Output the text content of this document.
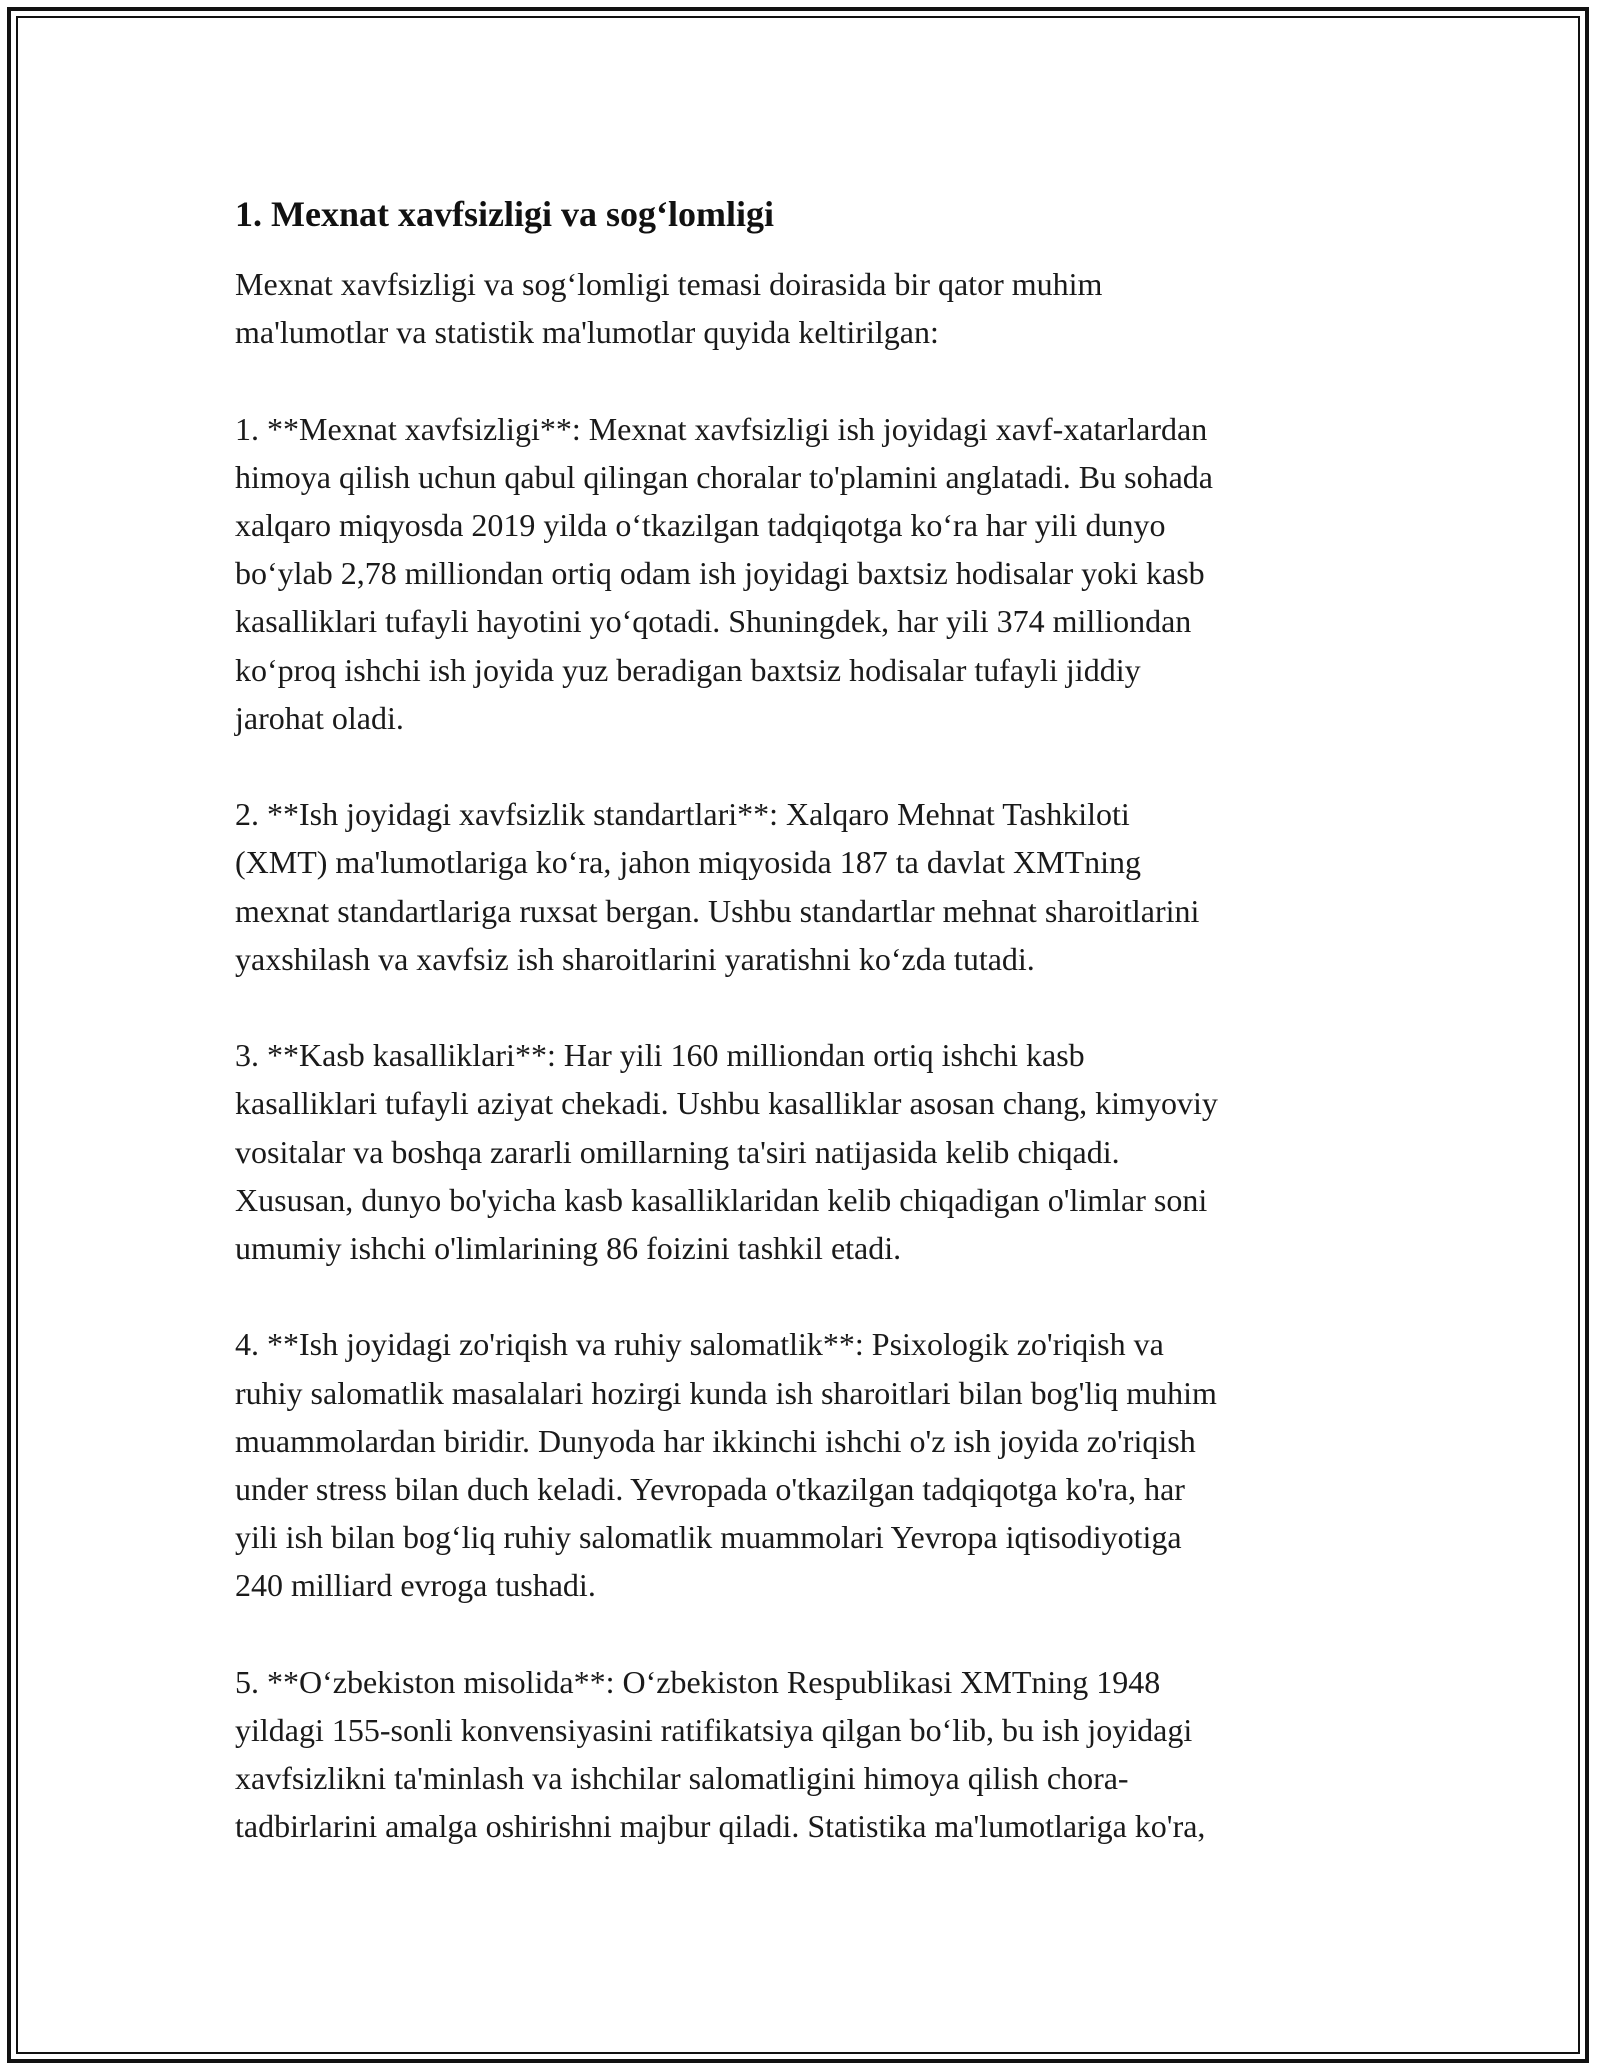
1. Mexnat xavfsizligi va sog‘lomligi

Mexnat xavfsizligi va sog‘lomligi temasi doirasida bir qator muhim
ma'lumotlar va statistik ma'lumotlar quyida keltirilgan:

1. **Mexnat xavfsizligi**: Mexnat xavfsizligi ish joyidagi xavf-xatarlardan
himoya qilish uchun qabul qilingan choralar to'plamini anglatadi. Bu sohada
xalqaro miqyosda 2019 yilda o‘tkazilgan tadqiqotga ko‘ra har yili dunyo
bo‘ylab 2,78 milliondan ortiq odam ish joyidagi baxtsiz hodisalar yoki kasb
kasalliklari tufayli hayotini yo‘qotadi. Shuningdek, har yili 374 milliondan
ko‘proq ishchi ish joyida yuz beradigan baxtsiz hodisalar tufayli jiddiy
jarohat oladi.

2. **Ish joyidagi xavfsizlik standartlari**: Xalqaro Mehnat Tashkiloti
(XMT) ma'lumotlariga ko‘ra, jahon miqyosida 187 ta davlat XMTning
mexnat standartlariga ruxsat bergan. Ushbu standartlar mehnat sharoitlarini
yaxshilash va xavfsiz ish sharoitlarini yaratishni ko‘zda tutadi.

3. **Kasb kasalliklari**: Har yili 160 milliondan ortiq ishchi kasb
kasalliklari tufayli aziyat chekadi. Ushbu kasalliklar asosan chang, kimyoviy
vositalar va boshqa zararli omillarning ta'siri natijasida kelib chiqadi.
Xususan, dunyo bo'yicha kasb kasalliklaridan kelib chiqadigan o'limlar soni
umumiy ishchi o'limlarining 86 foizini tashkil etadi.

4. **Ish joyidagi zo'riqish va ruhiy salomatlik**: Psixologik zo'riqish va
ruhiy salomatlik masalalari hozirgi kunda ish sharoitlari bilan bog'liq muhim
muammolardan biridir. Dunyoda har ikkinchi ishchi o'z ish joyida zo'riqish
under stress bilan duch keladi. Yevropada o'tkazilgan tadqiqotga ko'ra, har
yili ish bilan bog‘liq ruhiy salomatlik muammolari Yevropa iqtisodiyotiga
240 milliard evroga tushadi.

5. **O‘zbekiston misolida**: O‘zbekiston Respublikasi XMTning 1948
yildagi 155-sonli konvensiyasini ratifikatsiya qilgan bo‘lib, bu ish joyidagi
xavfsizlikni ta'minlash va ishchilar salomatligini himoya qilish chora-
tadbirlarini amalga oshirishni majbur qiladi. Statistika ma'lumotlariga ko'ra,
